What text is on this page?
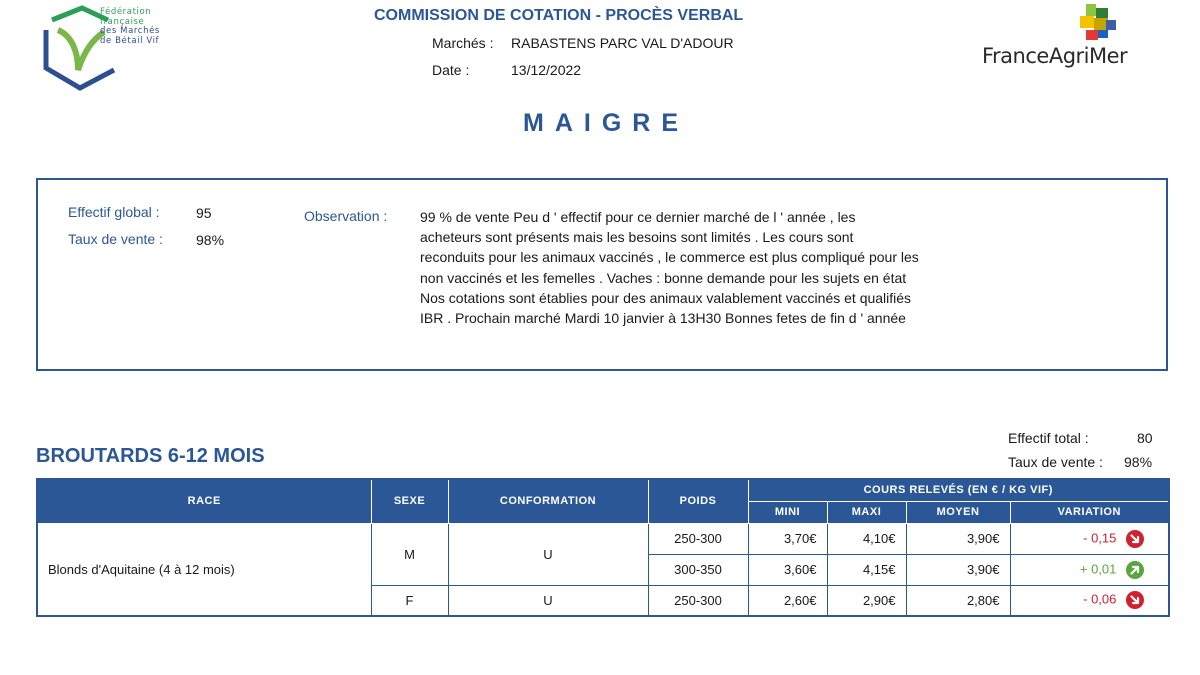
Fédération
française
des Marchés
de Bétail Vif
COMMISSION DE COTATION - PROCÈS VERBAL
Marchés : RABASTENS PARC VAL D'ADOUR
Date :	13/12/2022
FranceAgriMer
MAIGRE
Effectif global :	95
Taux de vente : 98%
Observation : 99 % de vente Peu d ' effectif pour ce dernier marché de l ' année , les acheteurs sont présents mais les besoins sont limités . Les cours sont reconduits pour les animaux vaccinés , le commerce est plus compliqué pour les non vaccinés et les femelles . Vaches : bonne demande pour les sujets en état Nos cotations sont établies pour des animaux valablement vaccinés et qualifiés IBR . Prochain marché Mardi 10 janvier à 13H30 Bonnes fetes de fin d ' année
BROUTARDS 6-12 MOIS
Effectif total :	80
Taux de vente : 98%
RACE	SEXE	CONFORMATION	POIDS	COURS RELEVÉS (EN € / KG VIF)			
				MINI	MAXI	MOYEN	VARIATION
Blonds d'Aquitaine (4 à 12 mois)	M	U	250-300	3,70€	4,10€	3,90€	- 0,15
			300-350	3,60€	4,15€	3,90€	+ 0,01
	F	U	250-300	2,60€	2,90€	2,80€	- 0,06
